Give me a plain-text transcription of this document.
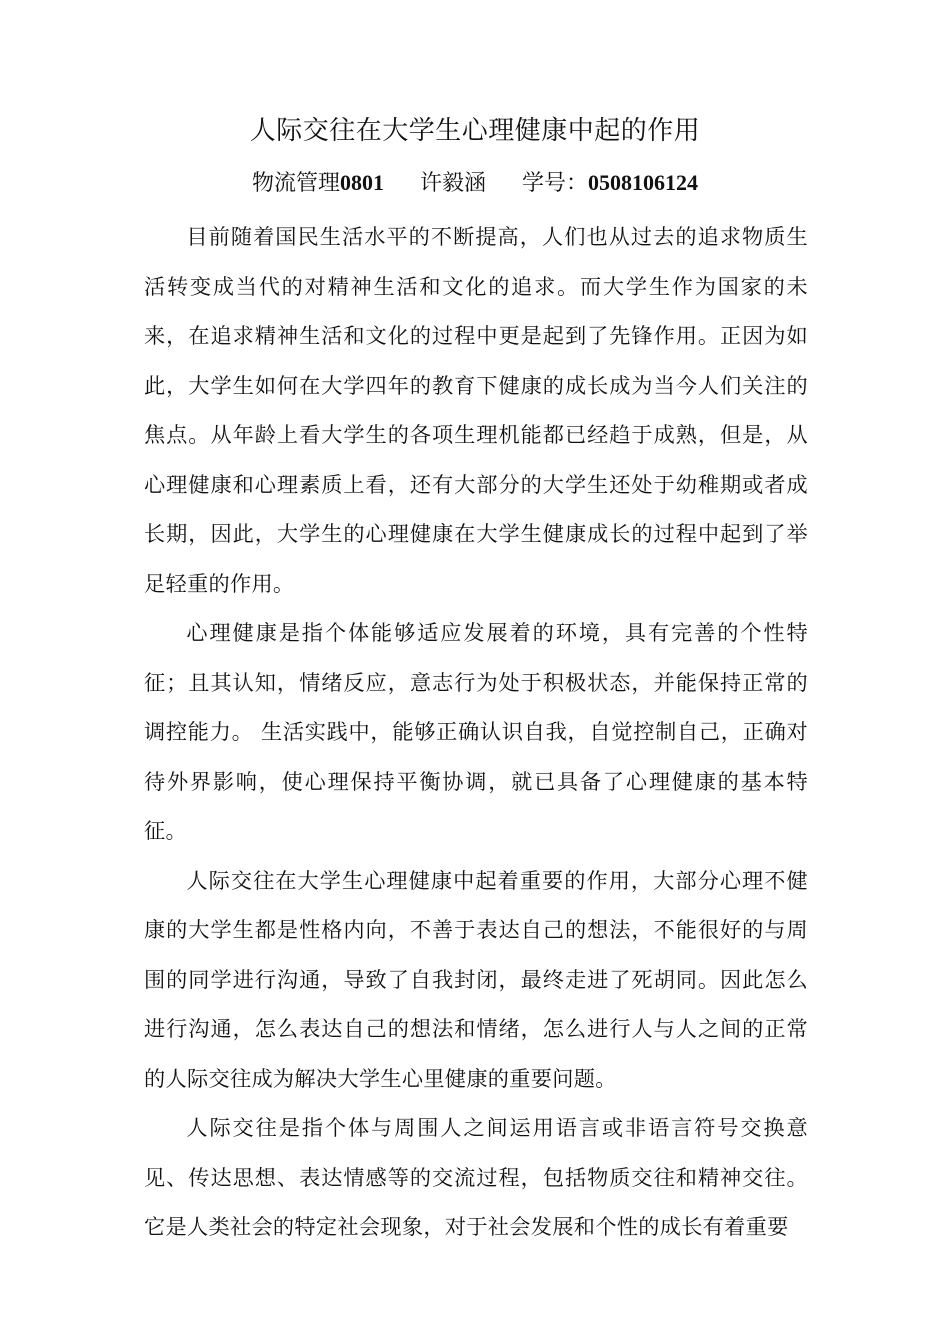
人际交往在大学生心理健康中起的作用
物流管理0801 许毅涵 学号：0508106124

目前随着国民生活水平的不断提高，人们也从过去的追求物质生活转变成当代的对精神生活和文化的追求。而大学生作为国家的未来，在追求精神生活和文化的过程中更是起到了先锋作用。正因为如此，大学生如何在大学四年的教育下健康的成长成为当今人们关注的焦点。从年龄上看大学生的各项生理机能都已经趋于成熟，但是，从心理健康和心理素质上看，还有大部分的大学生还处于幼稚期或者成长期，因此，大学生的心理健康在大学生健康成长的过程中起到了举足轻重的作用。

心理健康是指个体能够适应发展着的环境，具有完善的个性特征；且其认知，情绪反应，意志行为处于积极状态，并能保持正常的调控能力。 生活实践中，能够正确认识自我，自觉控制自己，正确对待外界影响，使心理保持平衡协调，就已具备了心理健康的基本特征。

人际交往在大学生心理健康中起着重要的作用，大部分心理不健康的大学生都是性格内向，不善于表达自己的想法，不能很好的与周围的同学进行沟通，导致了自我封闭，最终走进了死胡同。因此怎么进行沟通，怎么表达自己的想法和情绪，怎么进行人与人之间的正常的人际交往成为解决大学生心里健康的重要问题。

人际交往是指个体与周围人之间运用语言或非语言符号交换意见、传达思想、表达情感等的交流过程，包括物质交往和精神交往。它是人类社会的特定社会现象，对于社会发展和个性的成长有着重要
